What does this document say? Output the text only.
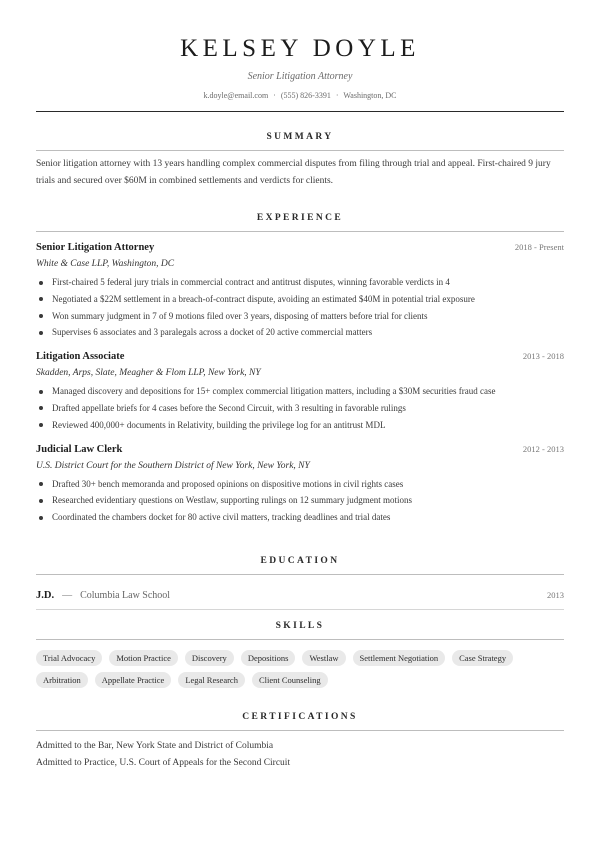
KELSEY DOYLE
Senior Litigation Attorney
k.doyle@email.com · (555) 826-3391 · Washington, DC
SUMMARY

Senior litigation attorney with 13 years handling complex commercial disputes from filing through trial and appeal. First-chaired 9 jury trials and secured over $60M in combined settlements and verdicts for clients.

EXPERIENCE
Senior Litigation Attorney	2018 - Present
White & Case LLP, Washington, DC
First-chaired 5 federal jury trials in commercial contract and antitrust disputes, winning favorable verdicts in 4
Negotiated a $22M settlement in a breach-of-contract dispute, avoiding an estimated $40M in potential trial exposure
Won summary judgment in 7 of 9 motions filed over 3 years, disposing of matters before trial for clients
Supervises 6 associates and 3 paralegals across a docket of 20 active commercial matters
Litigation Associate	2013 - 2018
Skadden, Arps, Slate, Meagher & Flom LLP, New York, NY
Managed discovery and depositions for 15+ complex commercial litigation matters, including a $30M securities fraud case
Drafted appellate briefs for 4 cases before the Second Circuit, with 3 resulting in favorable rulings
Reviewed 400,000+ documents in Relativity, building the privilege log for an antitrust MDL
Judicial Law Clerk	2012 - 2013
U.S. District Court for the Southern District of New York, New York, NY
Drafted 30+ bench memoranda and proposed opinions on dispositive motions in civil rights cases
Researched evidentiary questions on Westlaw, supporting rulings on 12 summary judgment motions
Coordinated the chambers docket for 80 active civil matters, tracking deadlines and trial dates
EDUCATION
J.D. — Columbia Law School	2013
SKILLS
Trial Advocacy	Motion Practice	Discovery	Depositions	Westlaw	Settlement Negotiation	Case Strategy
Arbitration	Appellate Practice	Legal Research	Client Counseling
CERTIFICATIONS
Admitted to the Bar, New York State and District of Columbia
Admitted to Practice, U.S. Court of Appeals for the Second Circuit
